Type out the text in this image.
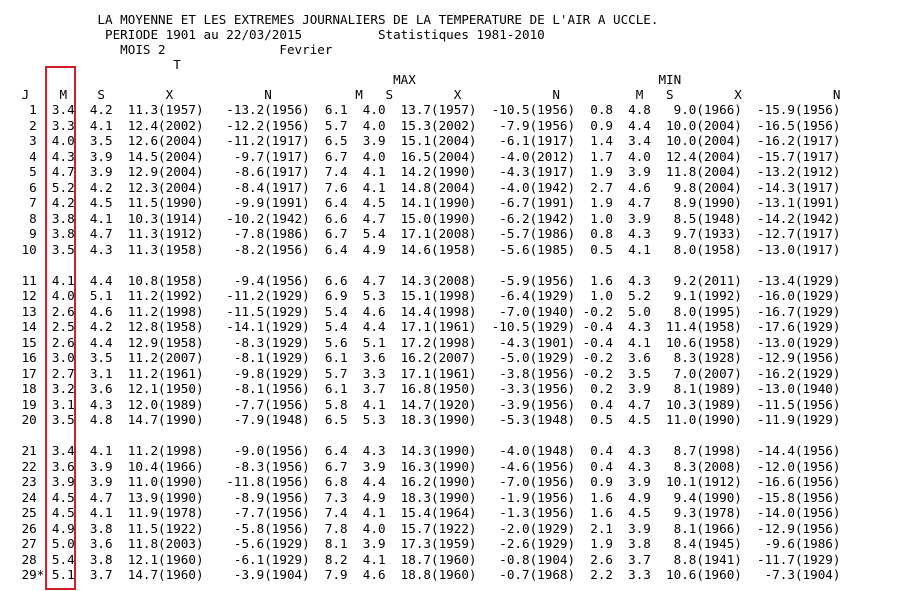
LA MOYENNE ET LES EXTREMES JOURNALIERS DE LA TEMPERATURE DE L'AIR A UCCLE.
PERIODE 1901 au 22/03/2015          Statistiques 1981-2010
MOIS 2               Fevrier
T
MAX                                MIN
J    M    S        X            N           M   S        X            N          M   S        X            N
1  3.4  4.2  11.3(1957)   -13.2(1956)  6.1  4.0  13.7(1957)  -10.5(1956)  0.8  4.8   9.0(1966)  -15.9(1956)
2  3.3  4.1  12.4(2002)   -12.2(1956)  5.7  4.0  15.3(2002)   -7.9(1956)  0.9  4.4  10.0(2004)  -16.5(1956)
3  4.0  3.5  12.6(2004)   -11.2(1917)  6.5  3.9  15.1(2004)   -6.1(1917)  1.4  3.4  10.0(2004)  -16.2(1917)
4  4.3  3.9  14.5(2004)    -9.7(1917)  6.7  4.0  16.5(2004)   -4.0(2012)  1.7  4.0  12.4(2004)  -15.7(1917)
5  4.7  3.9  12.9(2004)    -8.6(1917)  7.4  4.1  14.2(1990)   -4.3(1917)  1.9  3.9  11.8(2004)  -13.2(1912)
6  5.2  4.2  12.3(2004)    -8.4(1917)  7.6  4.1  14.8(2004)   -4.0(1942)  2.7  4.6   9.8(2004)  -14.3(1917)
7  4.2  4.5  11.5(1990)    -9.9(1991)  6.4  4.5  14.1(1990)   -6.7(1991)  1.9  4.7   8.9(1990)  -13.1(1991)
8  3.8  4.1  10.3(1914)   -10.2(1942)  6.6  4.7  15.0(1990)   -6.2(1942)  1.0  3.9   8.5(1948)  -14.2(1942)
9  3.8  4.7  11.3(1912)    -7.8(1986)  6.7  5.4  17.1(2008)   -5.7(1986)  0.8  4.3   9.7(1933)  -12.7(1917)
10  3.5  4.3  11.3(1958)    -8.2(1956)  6.4  4.9  14.6(1958)   -5.6(1985)  0.5  4.1   8.0(1958)  -13.0(1917)
11  4.1  4.4  10.8(1958)    -9.4(1956)  6.6  4.7  14.3(2008)   -5.9(1956)  1.6  4.3   9.2(2011)  -13.4(1929)
12  4.0  5.1  11.2(1992)   -11.2(1929)  6.9  5.3  15.1(1998)   -6.4(1929)  1.0  5.2   9.1(1992)  -16.0(1929)
13  2.6  4.6  11.2(1998)   -11.5(1929)  5.4  4.6  14.4(1998)   -7.0(1940) -0.2  5.0   8.0(1995)  -16.7(1929)
14  2.5  4.2  12.8(1958)   -14.1(1929)  5.4  4.4  17.1(1961)  -10.5(1929) -0.4  4.3  11.4(1958)  -17.6(1929)
15  2.6  4.4  12.9(1958)    -8.3(1929)  5.6  5.1  17.2(1998)   -4.3(1901) -0.4  4.1  10.6(1958)  -13.0(1929)
16  3.0  3.5  11.2(2007)    -8.1(1929)  6.1  3.6  16.2(2007)   -5.0(1929) -0.2  3.6   8.3(1928)  -12.9(1956)
17  2.7  3.1  11.2(1961)    -9.8(1929)  5.7  3.3  17.1(1961)   -3.8(1956) -0.2  3.5   7.0(2007)  -16.2(1929)
18  3.2  3.6  12.1(1950)    -8.1(1956)  6.1  3.7  16.8(1950)   -3.3(1956)  0.2  3.9   8.1(1989)  -13.0(1940)
19  3.1  4.3  12.0(1989)    -7.7(1956)  5.8  4.1  14.7(1920)   -3.9(1956)  0.4  4.7  10.3(1989)  -11.5(1956)
20  3.5  4.8  14.7(1990)    -7.9(1948)  6.5  5.3  18.3(1990)   -5.3(1948)  0.5  4.5  11.0(1990)  -11.9(1929)
21  3.4  4.1  11.2(1998)    -9.0(1956)  6.4  4.3  14.3(1990)   -4.0(1948)  0.4  4.3   8.7(1998)  -14.4(1956)
22  3.6  3.9  10.4(1966)    -8.3(1956)  6.7  3.9  16.3(1990)   -4.6(1956)  0.4  4.3   8.3(2008)  -12.0(1956)
23  3.9  3.9  11.0(1990)   -11.8(1956)  6.8  4.4  16.2(1990)   -7.0(1956)  0.9  3.9  10.1(1912)  -16.6(1956)
24  4.5  4.7  13.9(1990)    -8.9(1956)  7.3  4.9  18.3(1990)   -1.9(1956)  1.6  4.9   9.4(1990)  -15.8(1956)
25  4.5  4.1  11.9(1978)    -7.7(1956)  7.4  4.1  15.4(1964)   -1.3(1956)  1.6  4.5   9.3(1978)  -14.0(1956)
26  4.9  3.8  11.5(1922)    -5.8(1956)  7.8  4.0  15.7(1922)   -2.0(1929)  2.1  3.9   8.1(1966)  -12.9(1956)
27  5.0  3.6  11.8(2003)    -5.6(1929)  8.1  3.9  17.3(1959)   -2.6(1929)  1.9  3.8   8.4(1945)   -9.6(1986)
28  5.4  3.8  12.1(1960)    -6.1(1929)  8.2  4.1  18.7(1960)   -0.8(1904)  2.6  3.7   8.8(1941)  -11.7(1929)
29* 5.1  3.7  14.7(1960)    -3.9(1904)  7.9  4.6  18.8(1960)   -0.7(1968)  2.2  3.3  10.6(1960)   -7.3(1904)
